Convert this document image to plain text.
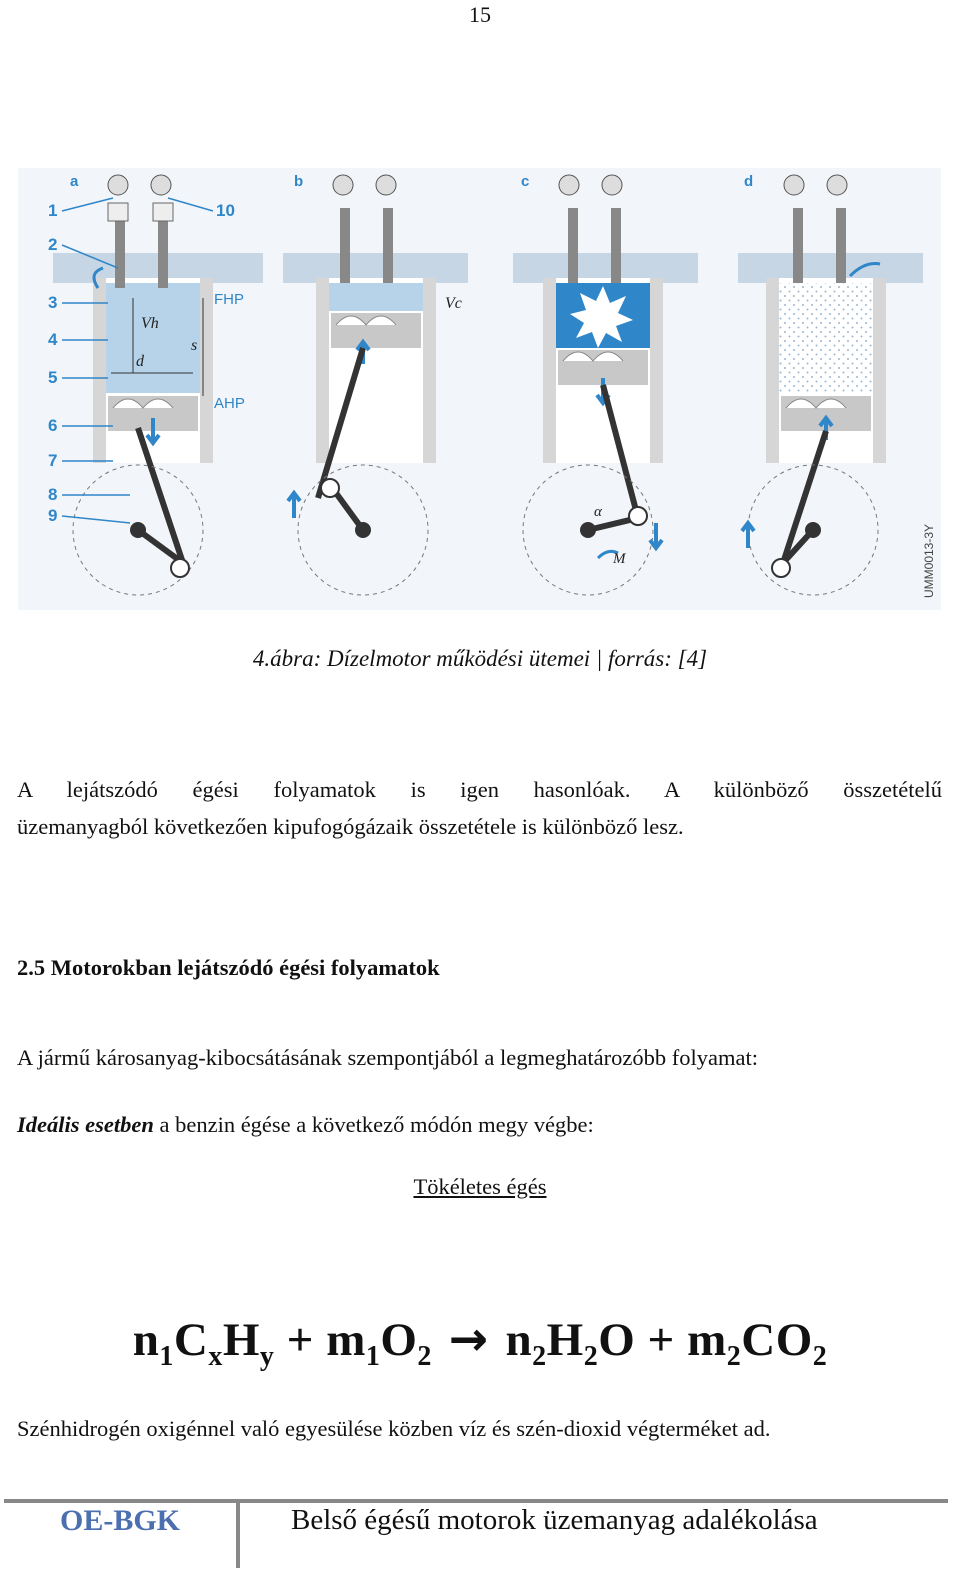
15
a
1
2
3
4
5
6
7
8
9
10
FHP
AHP
Vh
d
s
b
Vc
c
α
M
d
UMM0013-3Y
4.ábra: Dízelmotor működési ütemei | forrás: [4]
A lejátszódó égési folyamatok is igen hasonlóak. A különböző összetételű
üzemanyagból következően kipufogógázaik összetétele is különböző lesz.
2.5 Motorokban lejátszódó égési folyamatok
A jármű károsanyag-kibocsátásának szempontjából a legmeghatározóbb folyamat:
Ideális esetben a benzin égése a következő módón megy végbe:
Tökéletes égés
$n_1C_xH_y + m_1O_2 \to n_2H_2O + m_2CO_2$
Szénhidrogén oxigénnel való egyesülése közben víz és szén-dioxid végterméket ad.
OE-BGK	Belső égésű motorok üzemanyag adalékolása
